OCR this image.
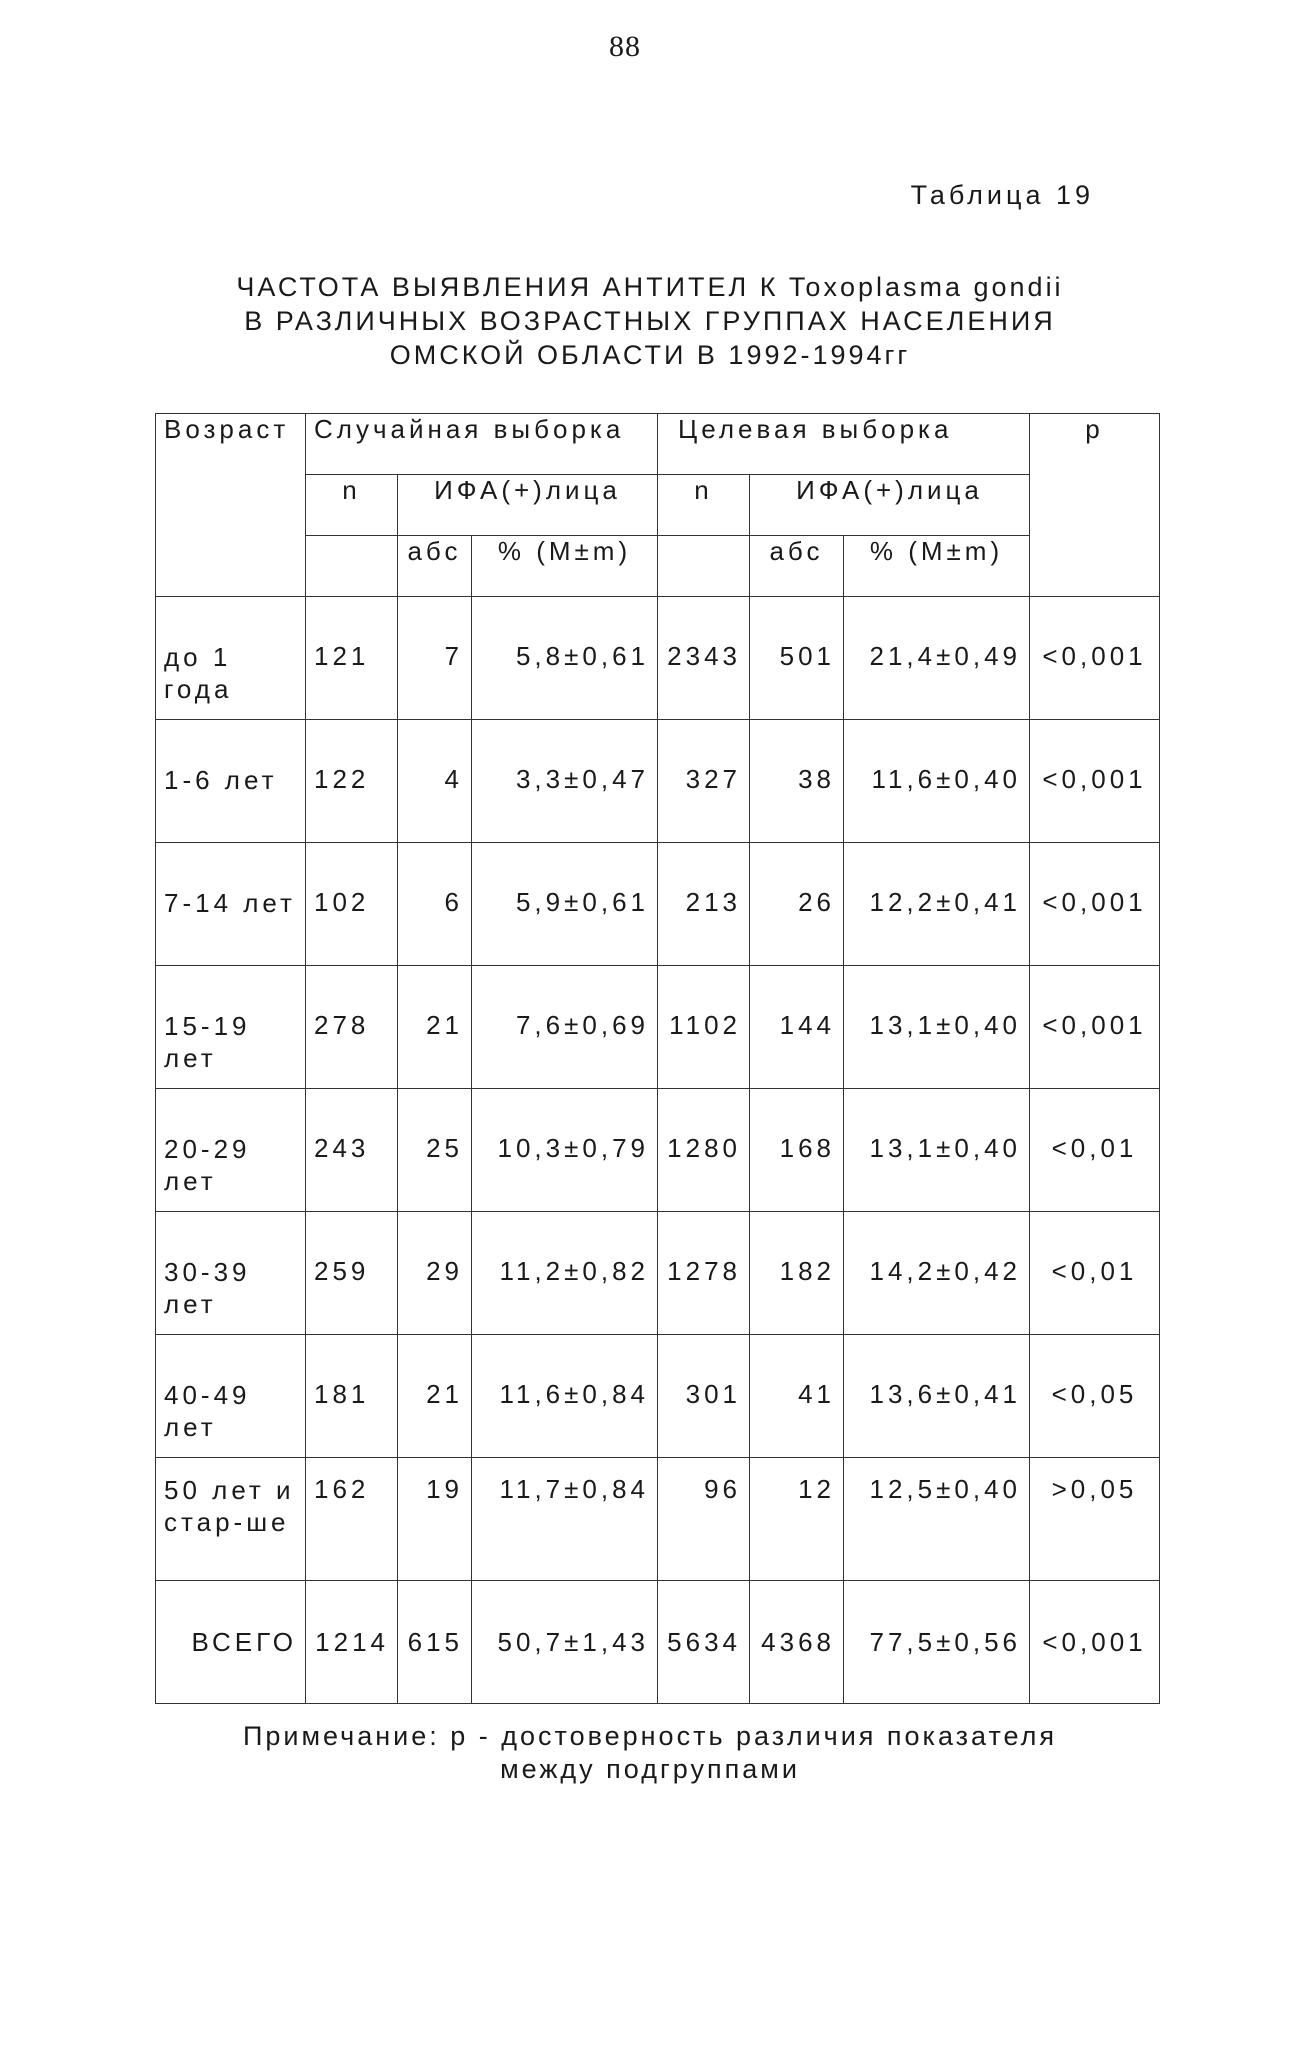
88
Таблица 19
ЧАСТОТА ВЫЯВЛЕНИЯ АНТИТЕЛ К Toxoplasma gondii
В РАЗЛИЧНЫХ ВОЗРАСТНЫХ ГРУППАХ НАСЕЛЕНИЯ
ОМСКОЙ ОБЛАСТИ В 1992-1994гг
Возраст	Случайная выборка			Целевая выборка			p
	n	ИФА(+)лица		n	ИФА(+)лица		
		абс	% (M±m)		абс	% (M±m)	
до 1 года	121	7	5,8±0,61	2343	501	21,4±0,49	<0,001
1-6 лет	122	4	3,3±0,47	327	38	11,6±0,40	<0,001
7-14 лет	102	6	5,9±0,61	213	26	12,2±0,41	<0,001
15-19 лет	278	21	7,6±0,69	1102	144	13,1±0,40	<0,001
20-29 лет	243	25	10,3±0,79	1280	168	13,1±0,40	<0,01
30-39 лет	259	29	11,2±0,82	1278	182	14,2±0,42	<0,01
40-49 лет	181	21	11,6±0,84	301	41	13,6±0,41	<0,05
50 лет и стар-ше	162	19	11,7±0,84	96	12	12,5±0,40	>0,05
ВСЕГО	1214	615	50,7±1,43	5634	4368	77,5±0,56	<0,001
Примечание: p - достоверность различия показателя
между подгруппами
